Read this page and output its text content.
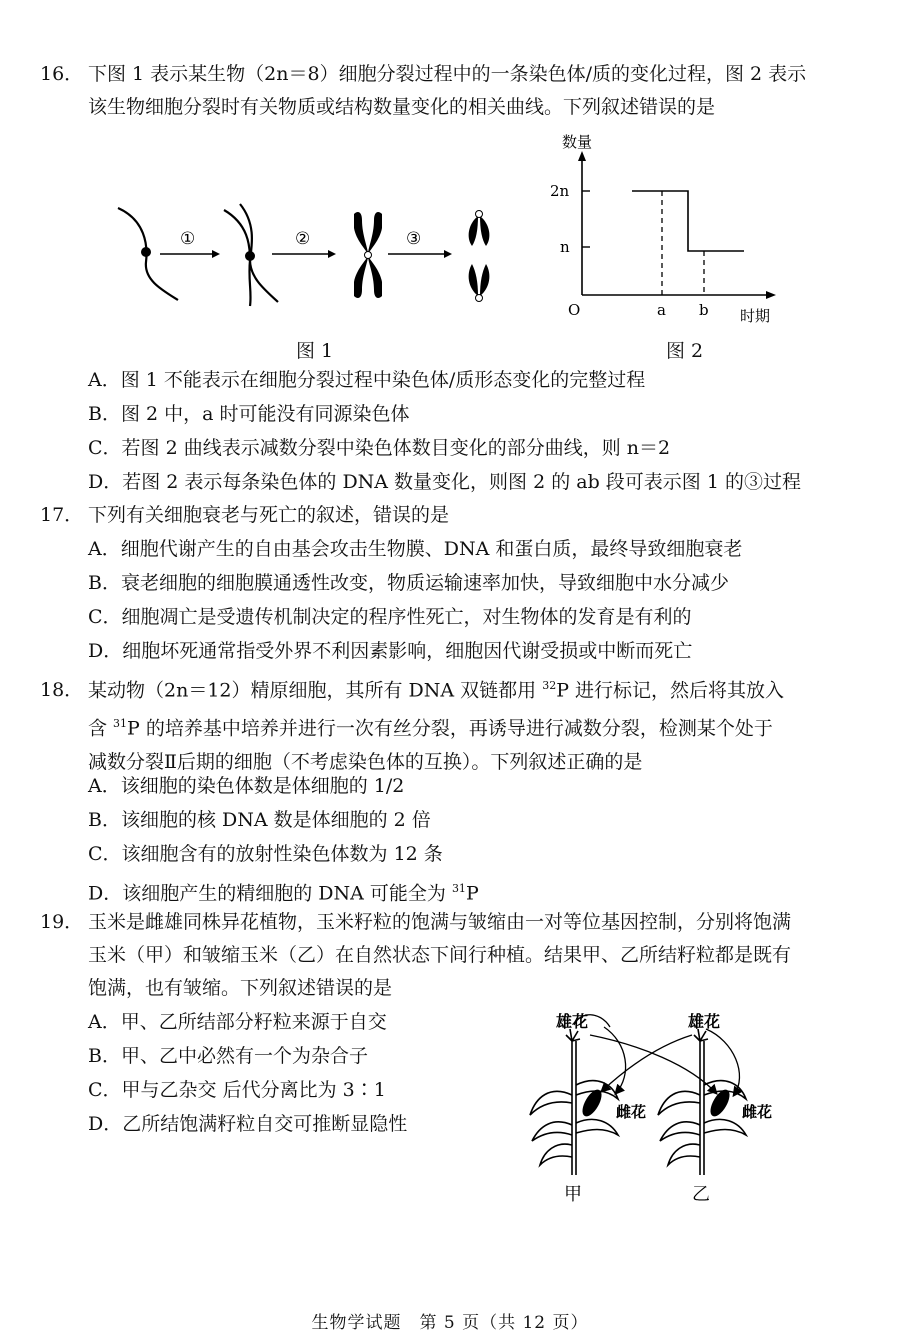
16． 下图 1 表示某生物（2n＝8）细胞分裂过程中的一条染色体/质的变化过程，图 2 表示

该生物细胞分裂时有关物质或结构数量变化的相关曲线。下列叙述错误的是

①	②	③
图 1
数量
2n
n
O	a b 时期
图 2
A．图 1 不能表示在细胞分裂过程中染色体/质形态变化的完整过程
B．图 2 中，a 时可能没有同源染色体
C．若图 2 曲线表示减数分裂中染色体数目变化的部分曲线，则 n＝2
D．若图 2 表示每条染色体的 DNA 数量变化，则图 2 的 ab 段可表示图 1 的③过程

17． 下列有关细胞衰老与死亡的叙述，错误的是

A．细胞代谢产生的自由基会攻击生物膜、DNA 和蛋白质，最终导致细胞衰老
B．衰老细胞的细胞膜通透性改变，物质运输速率加快，导致细胞中水分减少
C．细胞凋亡是受遗传机制决定的程序性死亡，对生物体的发育是有利的
D．细胞坏死通常指受外界不利因素影响，细胞因代谢受损或中断而死亡

18． 某动物（2n＝12）精原细胞，其所有 DNA 双链都用 $^{32}$P 进行标记，然后将其放入

含 $^{31}$P 的培养基中培养并进行一次有丝分裂，再诱导进行减数分裂，检测某个处于

减数分裂Ⅱ后期的细胞（不考虑染色体的互换）。下列叙述正确的是

A．该细胞的染色体数是体细胞的 1/2
B．该细胞的核 DNA 数是体细胞的 2 倍
C．该细胞含有的放射性染色体数为 12 条
D．该细胞产生的精细胞的 DNA 可能全为 $^{31}$P

19． 玉米是雌雄同株异花植物，玉米籽粒的饱满与皱缩由一对等位基因控制，分别将饱满

玉米（甲）和皱缩玉米（乙）在自然状态下间行种植。结果甲、乙所结籽粒都是既有

饱满，也有皱缩。下列叙述错误的是

A．甲、乙所结部分籽粒来源于自交
B．甲、乙中必然有一个为杂合子
C．甲与乙杂交 后代分离比为 3∶1
D．乙所结饱满籽粒自交可推断显隐性
雄花	雄花
雌花	雌花
甲	乙
生物学试题　第 5 页（共 12 页）
